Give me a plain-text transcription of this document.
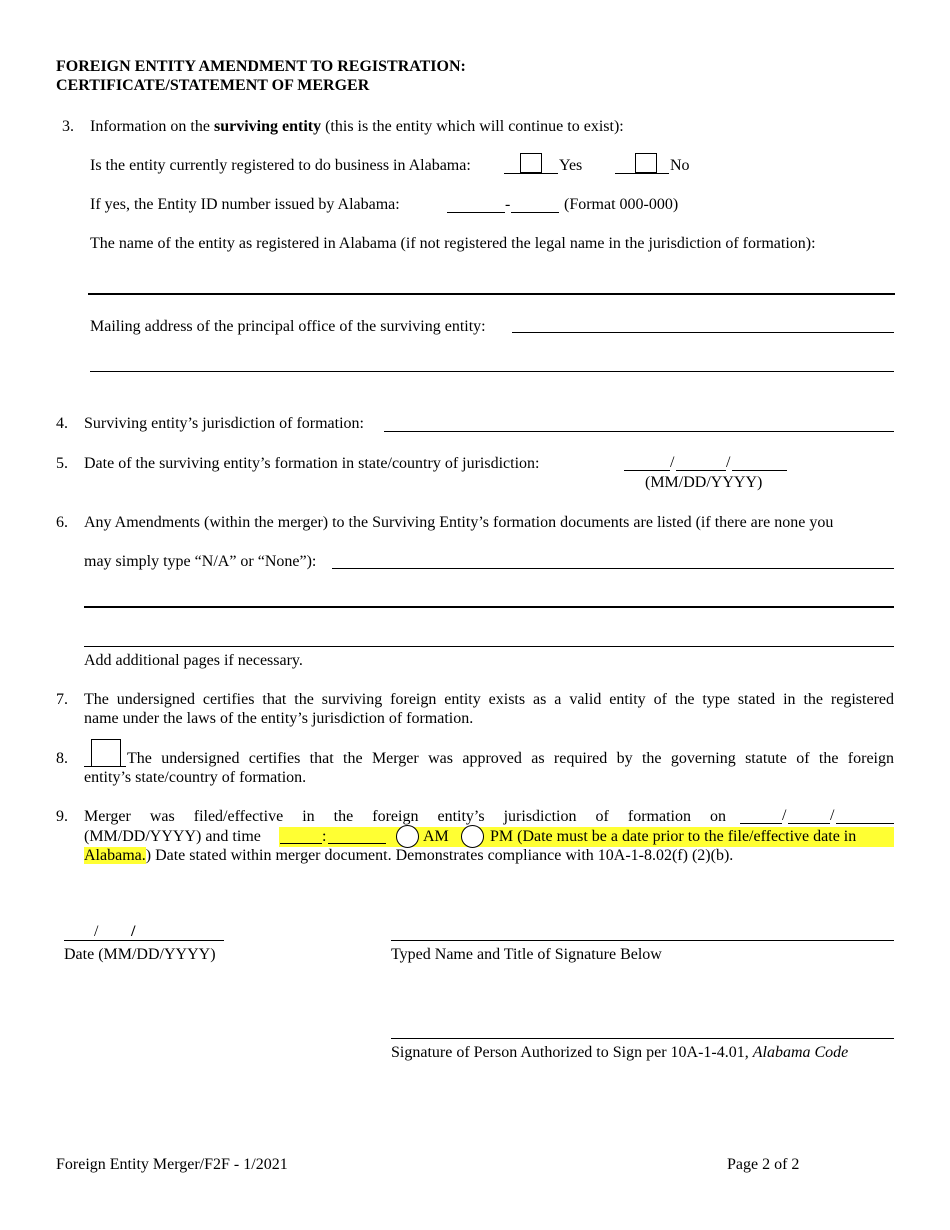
FOREIGN ENTITY AMENDMENT TO REGISTRATION:
CERTIFICATE/STATEMENT OF MERGER
3. Information on the surviving entity (this is the entity which will continue to exist):
Is the entity currently registered to do business in Alabama:	Yes	No
If yes, the Entity ID number issued by Alabama:	-	(Format 000-000)
The name of the entity as registered in Alabama (if not registered the legal name in the jurisdiction of formation):
Mailing address of the principal office of the surviving entity:
4. Surviving entity’s jurisdiction of formation:
5. Date of the surviving entity’s formation in state/country of jurisdiction:	/	/
(MM/DD/YYYY)
6. Any Amendments (within the merger) to the Surviving Entity’s formation documents are listed (if there are none you
may simply type “N/A” or “None”):
Add additional pages if necessary.
7. The undersigned certifies that the surviving foreign entity exists as a valid entity of the type stated in the registered
name under the laws of the entity’s jurisdiction of formation.
8.	The undersigned certifies that the Merger was approved as required by the governing statute of the foreign
entity’s state/country of formation.
9. Merger was filed/effective in the foreign entity’s jurisdiction of formation on	/	/
(MM/DD/YYYY) and time	:	AM	PM (Date must be a date prior to the file/effective date in
Alabama.) Date stated within merger document. Demonstrates compliance with 10A-1-8.02(f) (2)(b).
/ /
Date (MM/DD/YYYY)	Typed Name and Title of Signature Below
Signature of Person Authorized to Sign per 10A-1-4.01, Alabama Code
Foreign Entity Merger/F2F - 1/2021	Page 2 of 2
